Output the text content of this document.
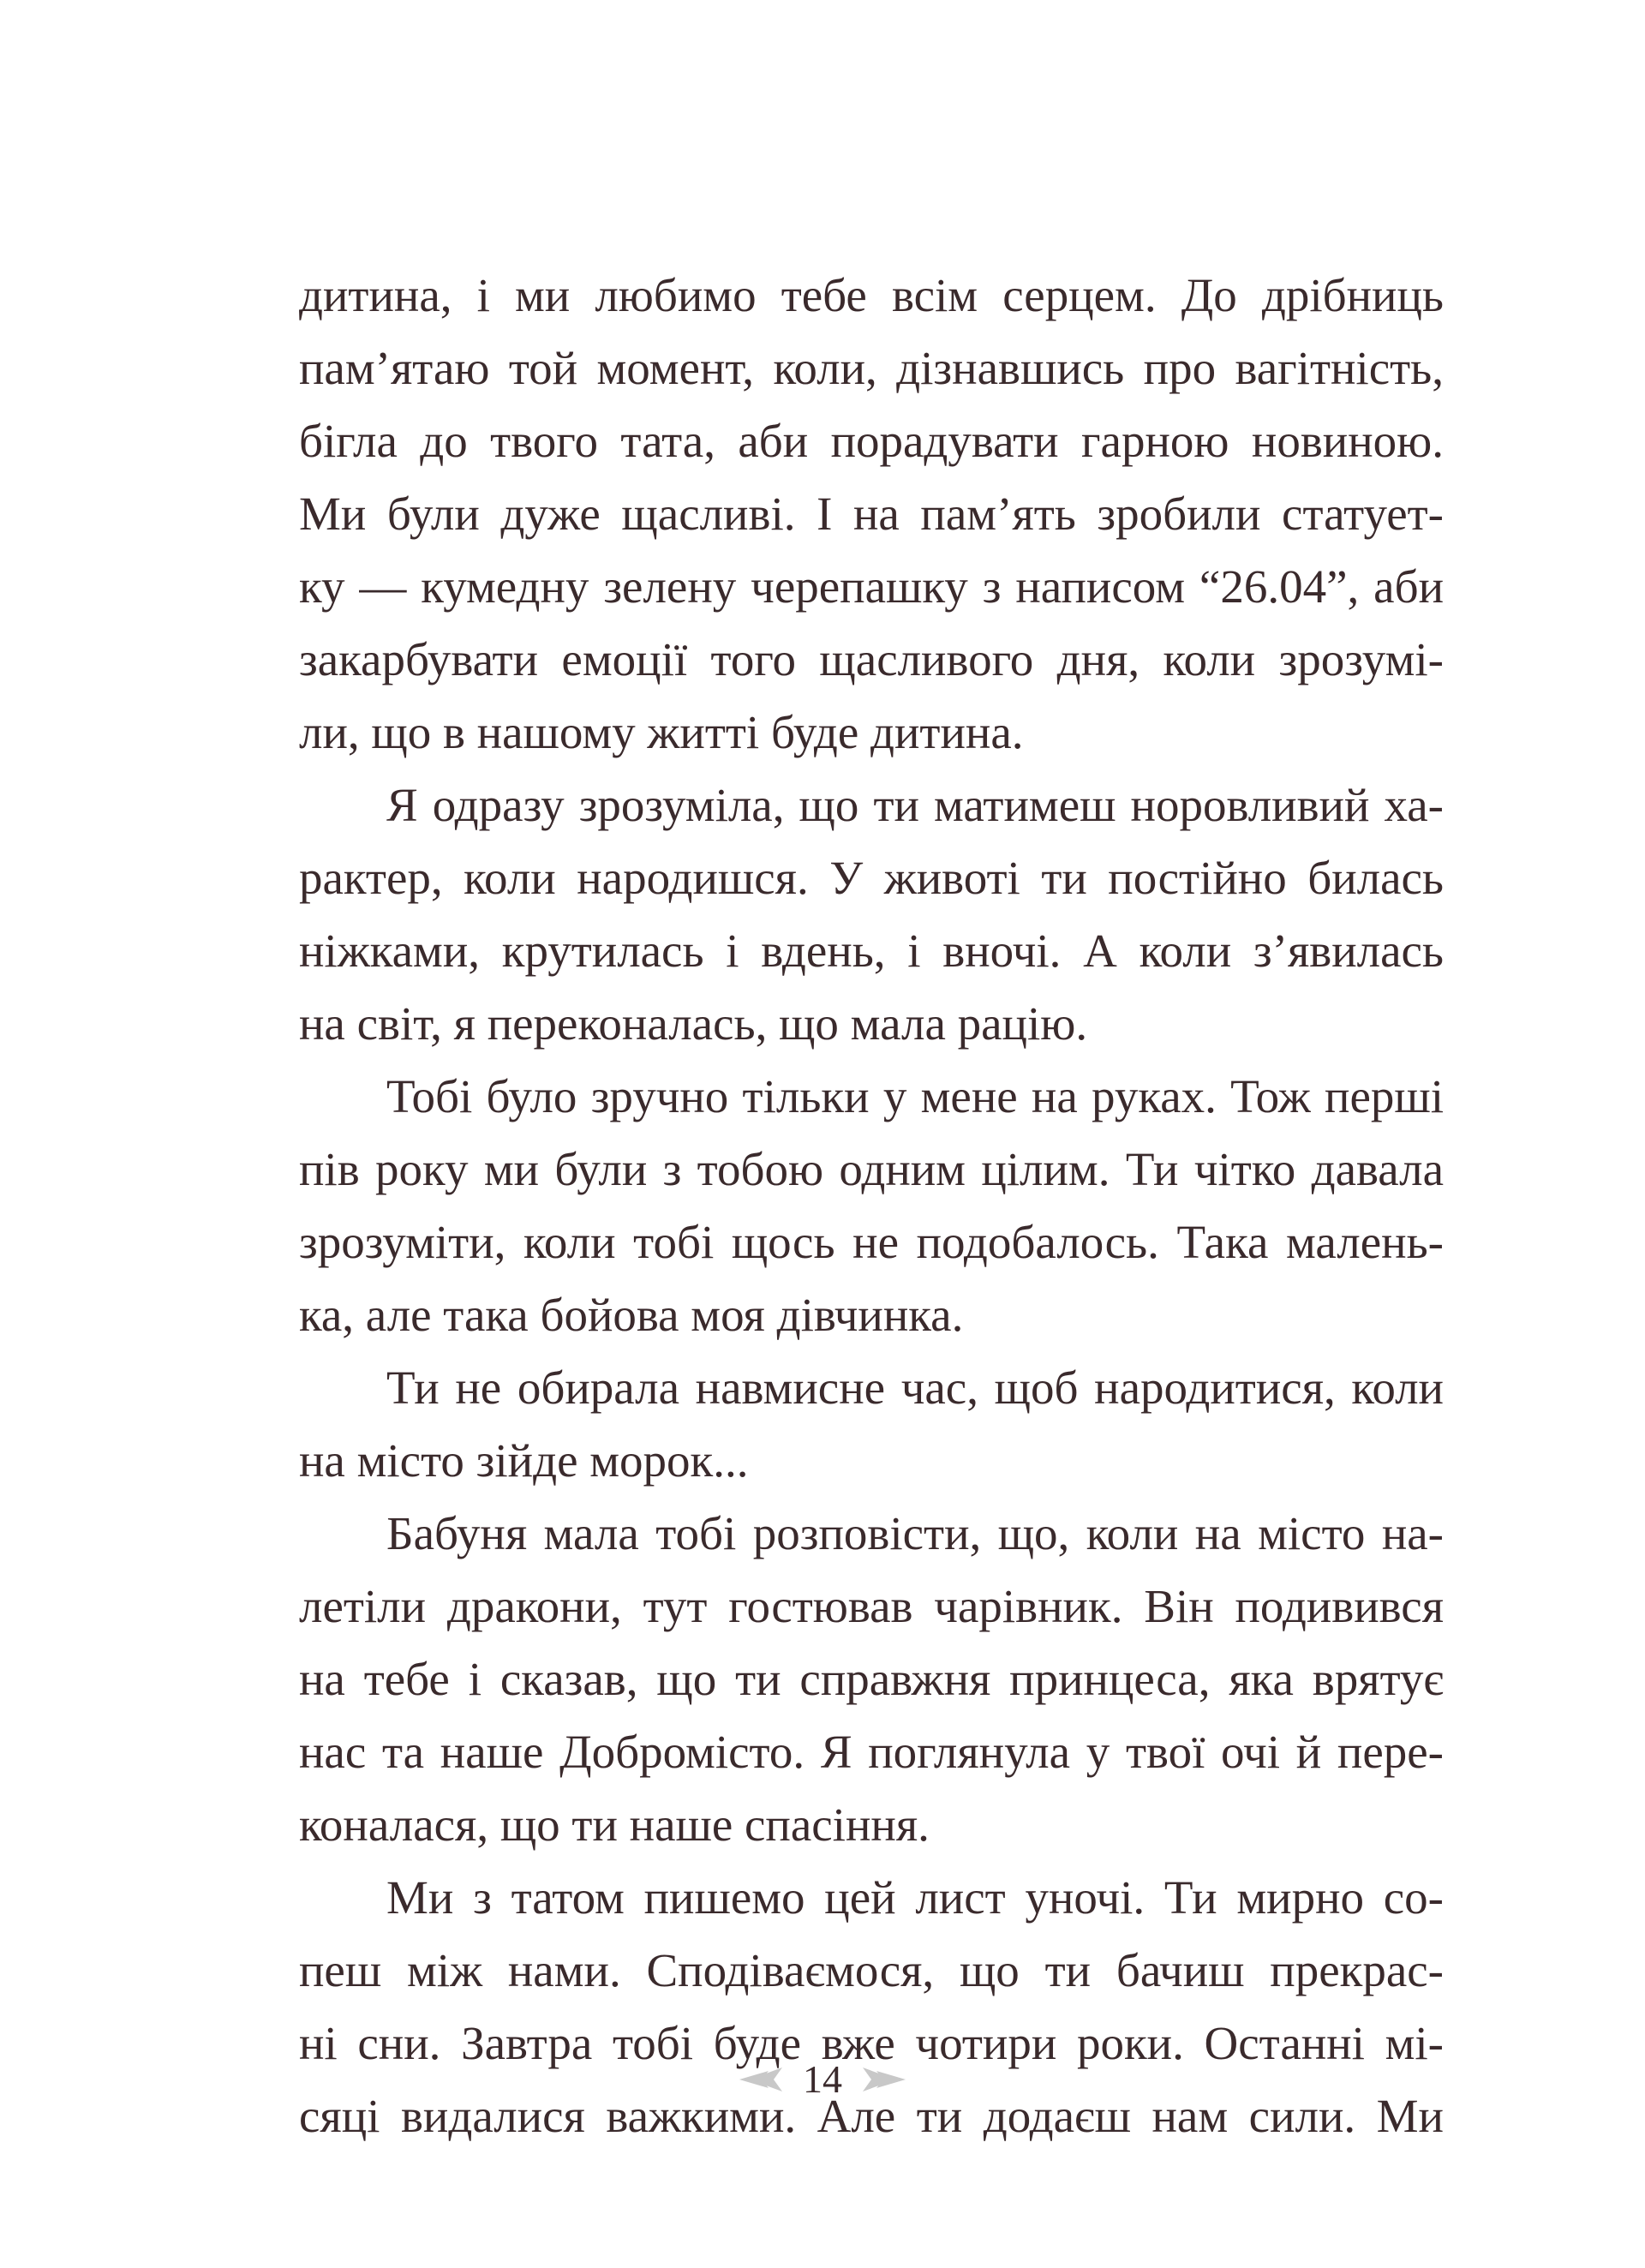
дитина, і ми любимо тебе всім серцем. До дрібниць
пам’ятаю той момент, коли, дізнавшись про вагітність,
бігла до твого тата, аби порадувати гарною новиною.
Ми були дуже щасливі. І на пам’ять зробили статует-
ку — кумедну зелену черепашку з написом “26.04”, аби
закарбувати емоції того щасливого дня, коли зрозумі-
ли, що в нашому житті буде дитина.
Я одразу зрозуміла, що ти матимеш норовливий ха-
рактер, коли народишся. У животі ти постійно билась
ніжками, крутилась і вдень, і вночі. А коли з’явилась
на світ, я переконалась, що мала рацію.
Тобі було зручно тільки у мене на руках. Тож перші
пів року ми були з тобою одним цілим. Ти чітко давала
зрозуміти, коли тобі щось не подобалось. Така малень-
ка, але така бойова моя дівчинка.
Ти не обирала навмисне час, щоб народитися, коли
на місто зійде морок...
Бабуня мала тобі розповісти, що, коли на місто на-
летіли дракони, тут гостював чарівник. Він подивився
на тебе і сказав, що ти справжня принцеса, яка врятує
нас та наше Добромісто. Я поглянула у твої очі й пере-
коналася, що ти наше спасіння.
Ми з татом пишемо цей лист уночі. Ти мирно со-
пеш між нами. Сподіваємося, що ти бачиш прекрас-
ні сни. Завтра тобі буде вже чотири роки. Останні мі-
сяці видалися важкими. Але ти додаєш нам сили. Ми
14
